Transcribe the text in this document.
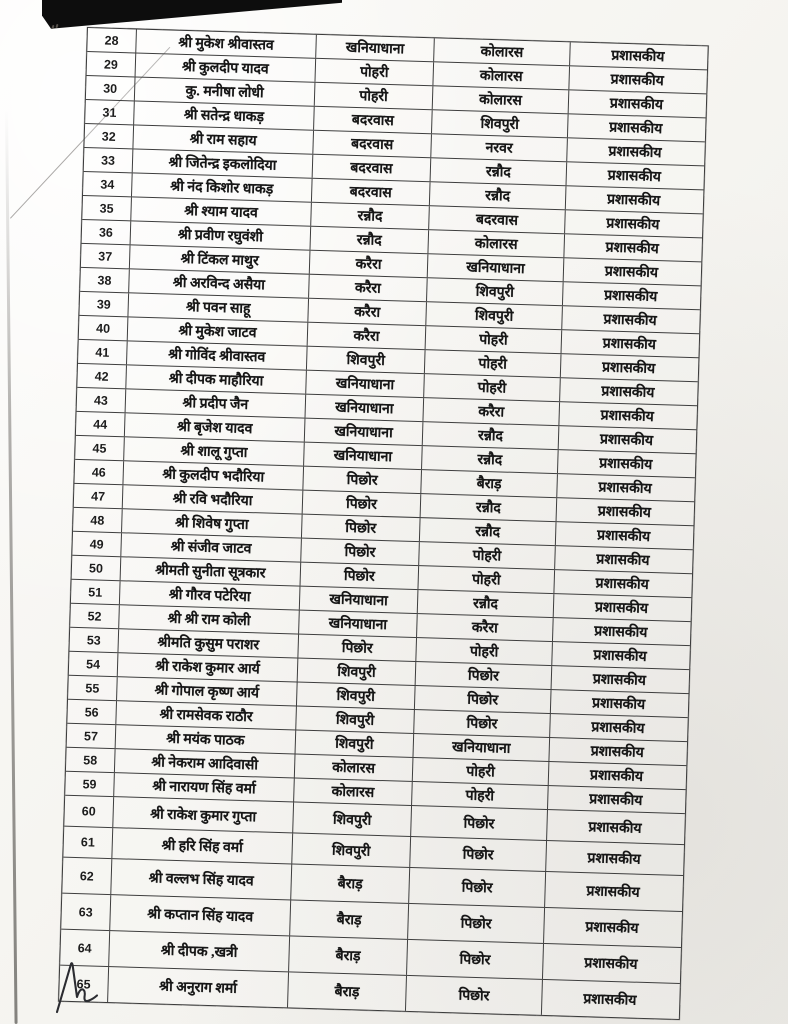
28	श्री मुकेश श्रीवास्तव	खनियाधाना	कोलारस	प्रशासकीय
29	श्री कुलदीप यादव	पोहरी	कोलारस	प्रशासकीय
30	कु. मनीषा लोधी	पोहरी	कोलारस	प्रशासकीय
31	श्री सतेन्द्र धाकड़	बदरवास	शिवपुरी	प्रशासकीय
32	श्री राम सहाय	बदरवास	नरवर	प्रशासकीय
33	श्री जितेन्द्र इकलोदिया	बदरवास	रन्नौद	प्रशासकीय
34	श्री नंद किशोर धाकड़	बदरवास	रन्नौद	प्रशासकीय
35	श्री श्याम यादव	रन्नौद	बदरवास	प्रशासकीय
36	श्री प्रवीण रघुवंशी	रन्नौद	कोलारस	प्रशासकीय
37	श्री टिंकल माथुर	करैरा	खनियाधाना	प्रशासकीय
38	श्री अरविन्द असैया	करैरा	शिवपुरी	प्रशासकीय
39	श्री पवन साहू	करैरा	शिवपुरी	प्रशासकीय
40	श्री मुकेश जाटव	करैरा	पोहरी	प्रशासकीय
41	श्री गोविंद श्रीवास्तव	शिवपुरी	पोहरी	प्रशासकीय
42	श्री दीपक माहौरिया	खनियाधाना	पोहरी	प्रशासकीय
43	श्री प्रदीप जैन	खनियाधाना	करैरा	प्रशासकीय
44	श्री बृजेश यादव	खनियाधाना	रन्नौद	प्रशासकीय
45	श्री शालू गुप्ता	खनियाधाना	रन्नौद	प्रशासकीय
46	श्री कुलदीप भदौरिया	पिछोर	बैराड़	प्रशासकीय
47	श्री रवि भदौरिया	पिछोर	रन्नौद	प्रशासकीय
48	श्री शिवेष गुप्ता	पिछोर	रन्नौद	प्रशासकीय
49	श्री संजीव जाटव	पिछोर	पोहरी	प्रशासकीय
50	श्रीमती सुनीता सूत्रकार	पिछोर	पोहरी	प्रशासकीय
51	श्री गौरव पटेरिया	खनियाधाना	रन्नौद	प्रशासकीय
52	श्री श्री राम कोली	खनियाधाना	करैरा	प्रशासकीय
53	श्रीमति कुसुम पराशर	पिछोर	पोहरी	प्रशासकीय
54	श्री राकेश कुमार आर्य	शिवपुरी	पिछोर	प्रशासकीय
55	श्री गोपाल कृष्ण आर्य	शिवपुरी	पिछोर	प्रशासकीय
56	श्री रामसेवक राठौर	शिवपुरी	पिछोर	प्रशासकीय
57	श्री मयंक पाठक	शिवपुरी	खनियाधाना	प्रशासकीय
58	श्री नेकराम आदिवासी	कोलारस	पोहरी	प्रशासकीय
59	श्री नारायण सिंह वर्मा	कोलारस	पोहरी	प्रशासकीय
60	श्री राकेश कुमार गुप्ता	शिवपुरी	पिछोर	प्रशासकीय
61	श्री हरि सिंह वर्मा	शिवपुरी	पिछोर	प्रशासकीय
62	श्री वल्लभ सिंह यादव	बैराड़	पिछोर	प्रशासकीय
63	श्री कप्तान सिंह यादव	बैराड़	पिछोर	प्रशासकीय
64	श्री दीपक ,खत्री	बैराड़	पिछोर	प्रशासकीय
65	श्री अनुराग शर्मा	बैराड़	पिछोर	प्रशासकीय
